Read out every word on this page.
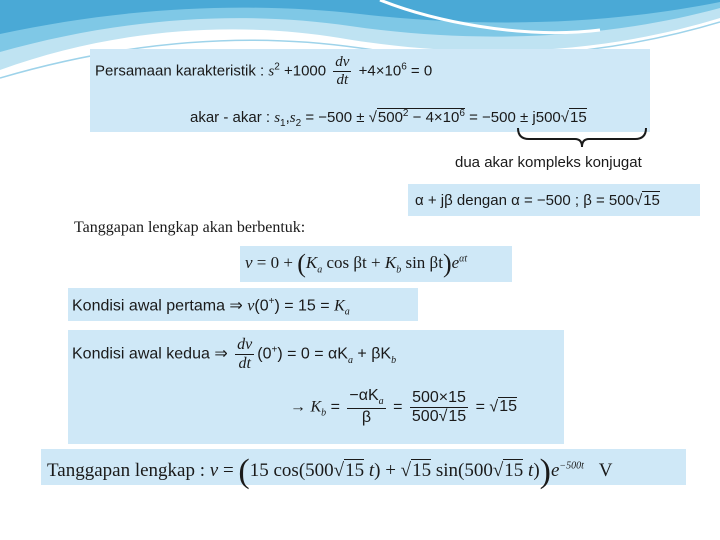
Persamaan karakteristik : $s^2 +1000 \frac{dv}{dt} +4\times 10^6 = 0$
akar - akar : $s_1,s_2 = -500 \pm √500^2 - 4\times 10^6 = -500 \pm j500√15$
dua akar kompleks konjugat
α + jβ dengan α = −500 ; β = 500√15
Tanggapan lengkap akan berbentuk:
$v = 0 + (K_a$ $\cos \beta t + K_b$ $\sin \beta t)e^{\alpha t}$
Kondisi awal pertama ⇒ $v(0^+) = 15 = K_a$
Kondisi awal kedua ⇒ $\frac{dv}{dt} (0^+) = 0 = \alpha K_a + \beta K_b$
→ $K_b = \frac{-\alpha K_a}{\beta} = \frac{500\times 15}{500√15} = √15$
Tanggapan lengkap : v = (15 cos(500√15 t) + √15 sin(500√15 $t))e^{-500t}$ V
